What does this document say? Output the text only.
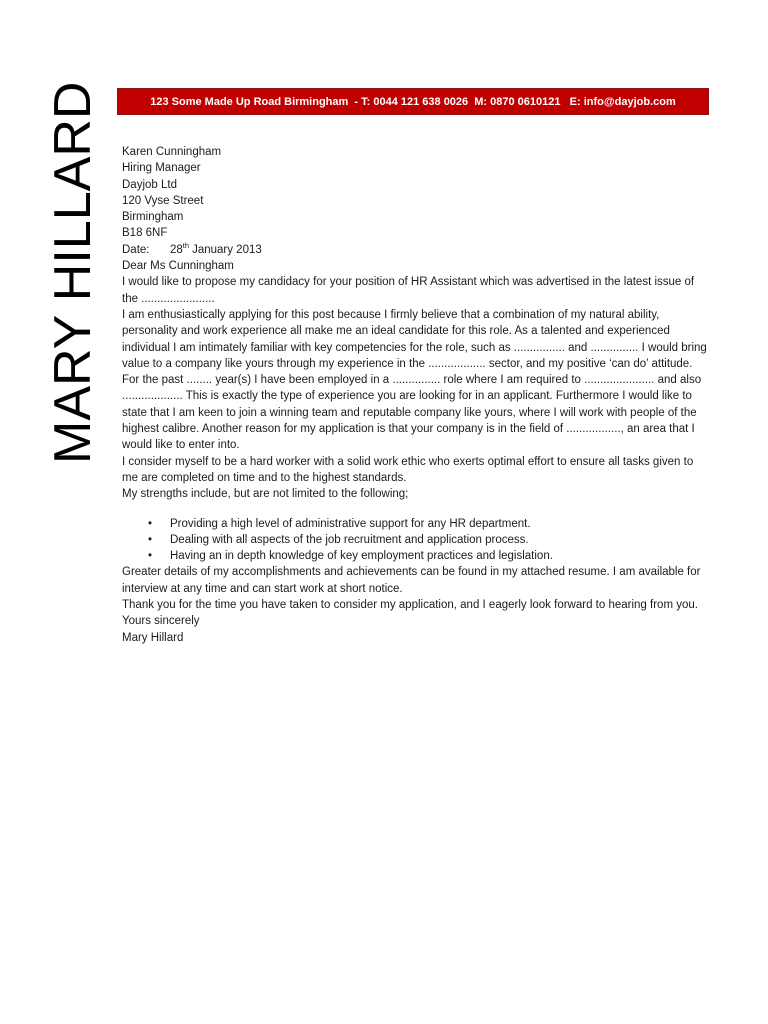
MARY HILLARD	123 Some Made Up Road Birmingham  - T: 0044 121 638 0026  M: 0870 0610121   E: info@dayjob.com

Karen Cunningham

Hiring Manager

Dayjob Ltd

120 Vyse Street

Birmingham

B18 6NF

Date: 28th January 2013

Dear Ms Cunningham

I would like to propose my candidacy for your position of HR Assistant which was advertised in the latest issue of the .......................

I am enthusiastically applying for this post because I firmly believe that a combination of my natural ability, personality and work experience all make me an ideal candidate for this role. As a talented and experienced individual I am intimately familiar with key competencies for the role, such as ................ and ............... I would bring value to a company like yours through my experience in the .................. sector, and my positive ‘can do’ attitude.

For the past ........ year(s) I have been employed in a ............... role where I am required to ...................... and also ................... This is exactly the type of experience you are looking for in an applicant. Furthermore I would like to state that I am keen to join a winning team and reputable company like yours, where I will work with people of the highest calibre. Another reason for my application is that your company is in the field of ................., an area that I would like to enter into.

I consider myself to be a hard worker with a solid work ethic who exerts optimal effort to ensure all tasks given to me are completed on time and to the highest standards.

My strengths include, but are not limited to the following;

•	Providing a high level of administrative support for any HR department.
•	Dealing with all aspects of the job recruitment and application process.
•	Having an in depth knowledge of key employment practices and legislation.

Greater details of my accomplishments and achievements can be found in my attached resume. I am available for interview at any time and can start work at short notice.

Thank you for the time you have taken to consider my application, and I eagerly look forward to hearing from you.

Yours sincerely

Mary Hillard
